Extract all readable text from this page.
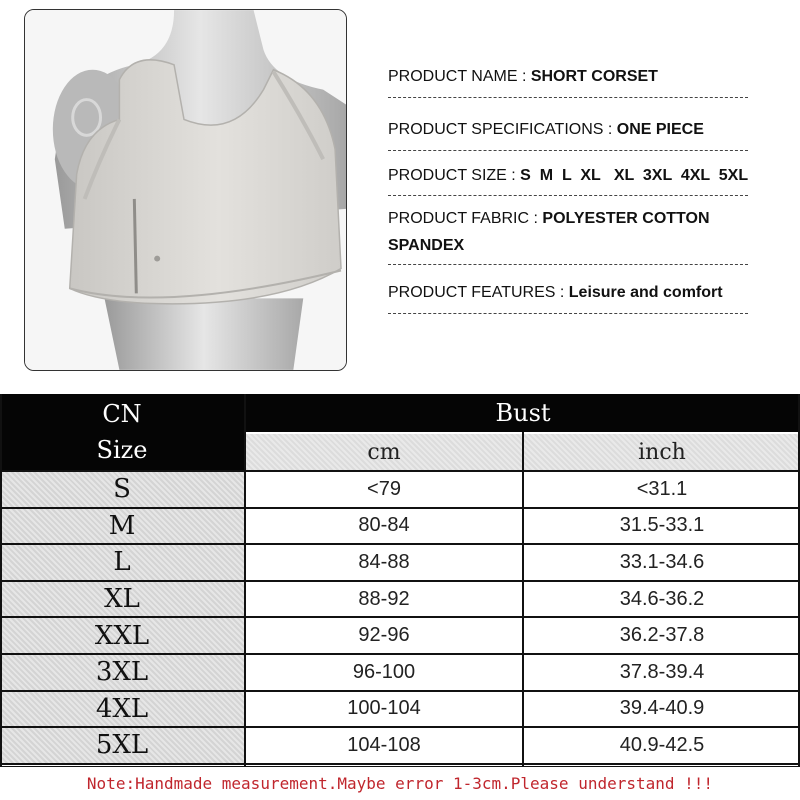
PRODUCT NAME : SHORT CORSET
PRODUCT SPECIFICATIONS : ONE PIECE
PRODUCT SIZE : S  M  L  XL   XL  3XL  4XL  5XL
PRODUCT FABRIC : POLYESTER COTTON
SPANDEX
PRODUCT FEATURES : Leisure and comfort
CN
Size
Bust
cm	inch
S	<79	<31.1
M	80-84	31.5-33.1
L	84-88	33.1-34.6
XL	88-92	34.6-36.2
XXL	92-96	36.2-37.8
3XL	96-100	37.8-39.4
4XL	100-104	39.4-40.9
5XL	104-108	40.9-42.5
Note:Handmade measurement.Maybe error 1-3cm.Please understand !!!
